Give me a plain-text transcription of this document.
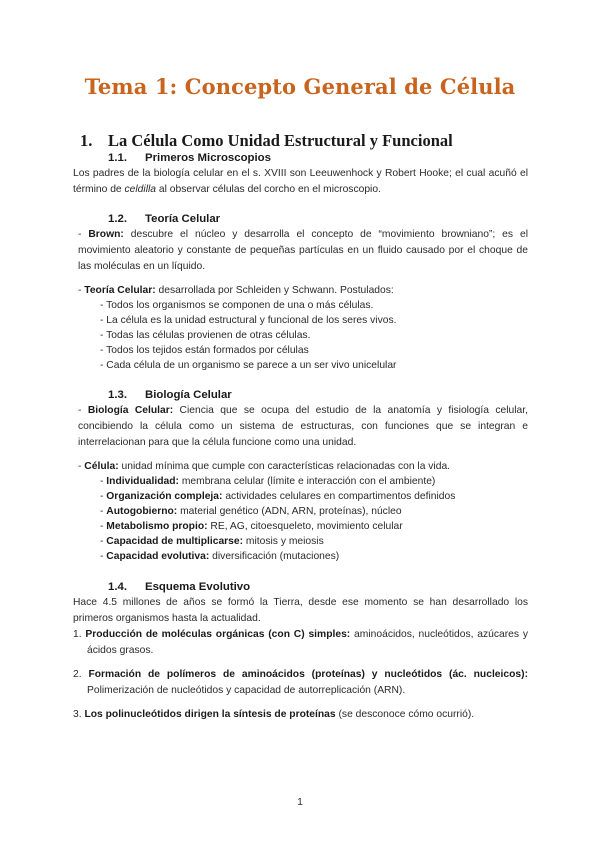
Tema 1: Concepto General de Célula
1. La Célula Como Unidad Estructural y Funcional
1.1. Primeros Microscopios
Los padres de la biología celular en el s. XVIII son Leeuwenhock y Robert Hooke; el cual acuñó el término de celdilla al observar células del corcho en el microscopio.
1.2. Teoría Celular
- Brown: descubre el núcleo y desarrolla el concepto de “movimiento browniano”; es el movimiento aleatorio y constante de pequeñas partículas en un fluido causado por el choque de las moléculas en un líquido.
- Teoría Celular: desarrollada por Schleiden y Schwann. Postulados:
- Todos los organismos se componen de una o más células.
- La célula es la unidad estructural y funcional de los seres vivos.
- Todas las células provienen de otras células.
- Todos los tejidos están formados por células
- Cada célula de un organismo se parece a un ser vivo unicelular
1.3. Biología Celular
- Biología Celular: Ciencia que se ocupa del estudio de la anatomía y fisiología celular, concibiendo la célula como un sistema de estructuras, con funciones que se integran e interrelacionan para que la célula funcione como una unidad.
- Célula: unidad mínima que cumple con características relacionadas con la vida.
- Individualidad: membrana celular (límite e interacción con el ambiente)
- Organización compleja: actividades celulares en compartimentos definidos
- Autogobierno: material genético (ADN, ARN, proteínas), núcleo
- Metabolismo propio: RE, AG, citoesqueleto, movimiento celular
- Capacidad de multiplicarse: mitosis y meiosis
- Capacidad evolutiva: diversificación (mutaciones)
1.4. Esquema Evolutivo
Hace 4.5 millones de años se formó la Tierra, desde ese momento se han desarrollado los primeros organismos hasta la actualidad.
1. Producción de moléculas orgánicas (con C) simples: aminoácidos, nucleótidos, azúcares y ácidos grasos.
2. Formación de polímeros de aminoácidos (proteínas) y nucleótidos (ác. nucleicos): Polimerización de nucleótidos y capacidad de autorreplicación (ARN).
3. Los polinucleótidos dirigen la síntesis de proteínas (se desconoce cómo ocurrió).
1
